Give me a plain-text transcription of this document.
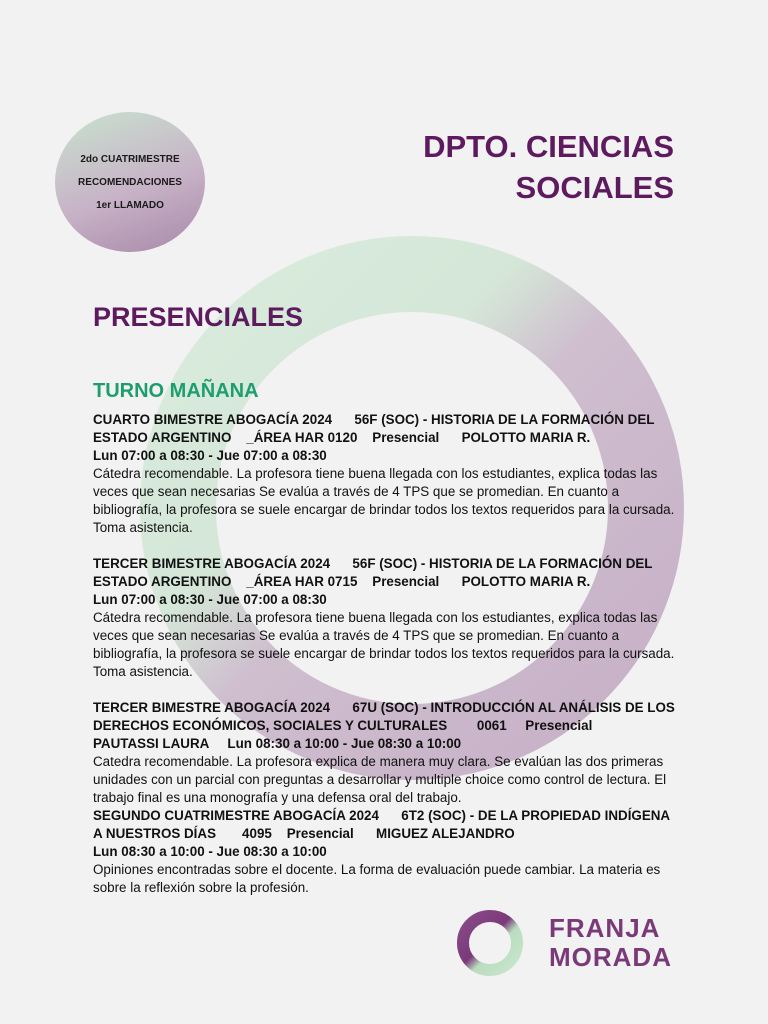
2do CUATRIMESTRE
RECOMENDACIONES
1er LLAMADO
DPTO. CIENCIAS
SOCIALES
PRESENCIALES
TURNO MAÑANA
CUARTO BIMESTRE ABOGACÍA 2024      56F (SOC) - HISTORIA DE LA FORMACIÓN DEL ESTADO ARGENTINO    _ÁREA HAR 0120    Presencial      POLOTTO MARIA R.
Lun 07:00 a 08:30 - Jue 07:00 a 08:30
Cátedra recomendable. La profesora tiene buena llegada con los estudiantes, explica todas las veces que sean necesarias Se evalúa a través de 4 TPS que se promedian. En cuanto a bibliografía, la profesora se suele encargar de brindar todos los textos requeridos para la cursada. Toma asistencia.
TERCER BIMESTRE ABOGACÍA 2024      56F (SOC) - HISTORIA DE LA FORMACIÓN DEL ESTADO ARGENTINO    _ÁREA HAR 0715    Presencial      POLOTTO MARIA R.
Lun 07:00 a 08:30 - Jue 07:00 a 08:30
Cátedra recomendable. La profesora tiene buena llegada con los estudiantes, explica todas las veces que sean necesarias Se evalúa a través de 4 TPS que se promedian. En cuanto a bibliografía, la profesora se suele encargar de brindar todos los textos requeridos para la cursada. Toma asistencia.
TERCER BIMESTRE ABOGACÍA 2024      67U (SOC) - INTRODUCCIÓN AL ANÁLISIS DE LOS DERECHOS ECONÓMICOS, SOCIALES Y CULTURALES        0061     Presencial            PAUTASSI LAURA     Lun 08:30 a 10:00 - Jue 08:30 a 10:00
Catedra recomendable. La profesora explica de manera muy clara. Se evalúan las dos primeras unidades con un parcial con preguntas a desarrollar y multiple choice como control de lectura. El trabajo final es una monografía y una defensa oral del trabajo.
SEGUNDO CUATRIMESTRE ABOGACÍA 2024      6T2 (SOC) - DE LA PROPIEDAD INDÍGENA A NUESTROS DÍAS       4095    Presencial      MIGUEZ ALEJANDRO
Lun 08:30 a 10:00 - Jue 08:30 a 10:00
Opiniones encontradas sobre el docente. La forma de evaluación puede cambiar. La materia es sobre la reflexión sobre la profesión.
FRANJA
MORADA
